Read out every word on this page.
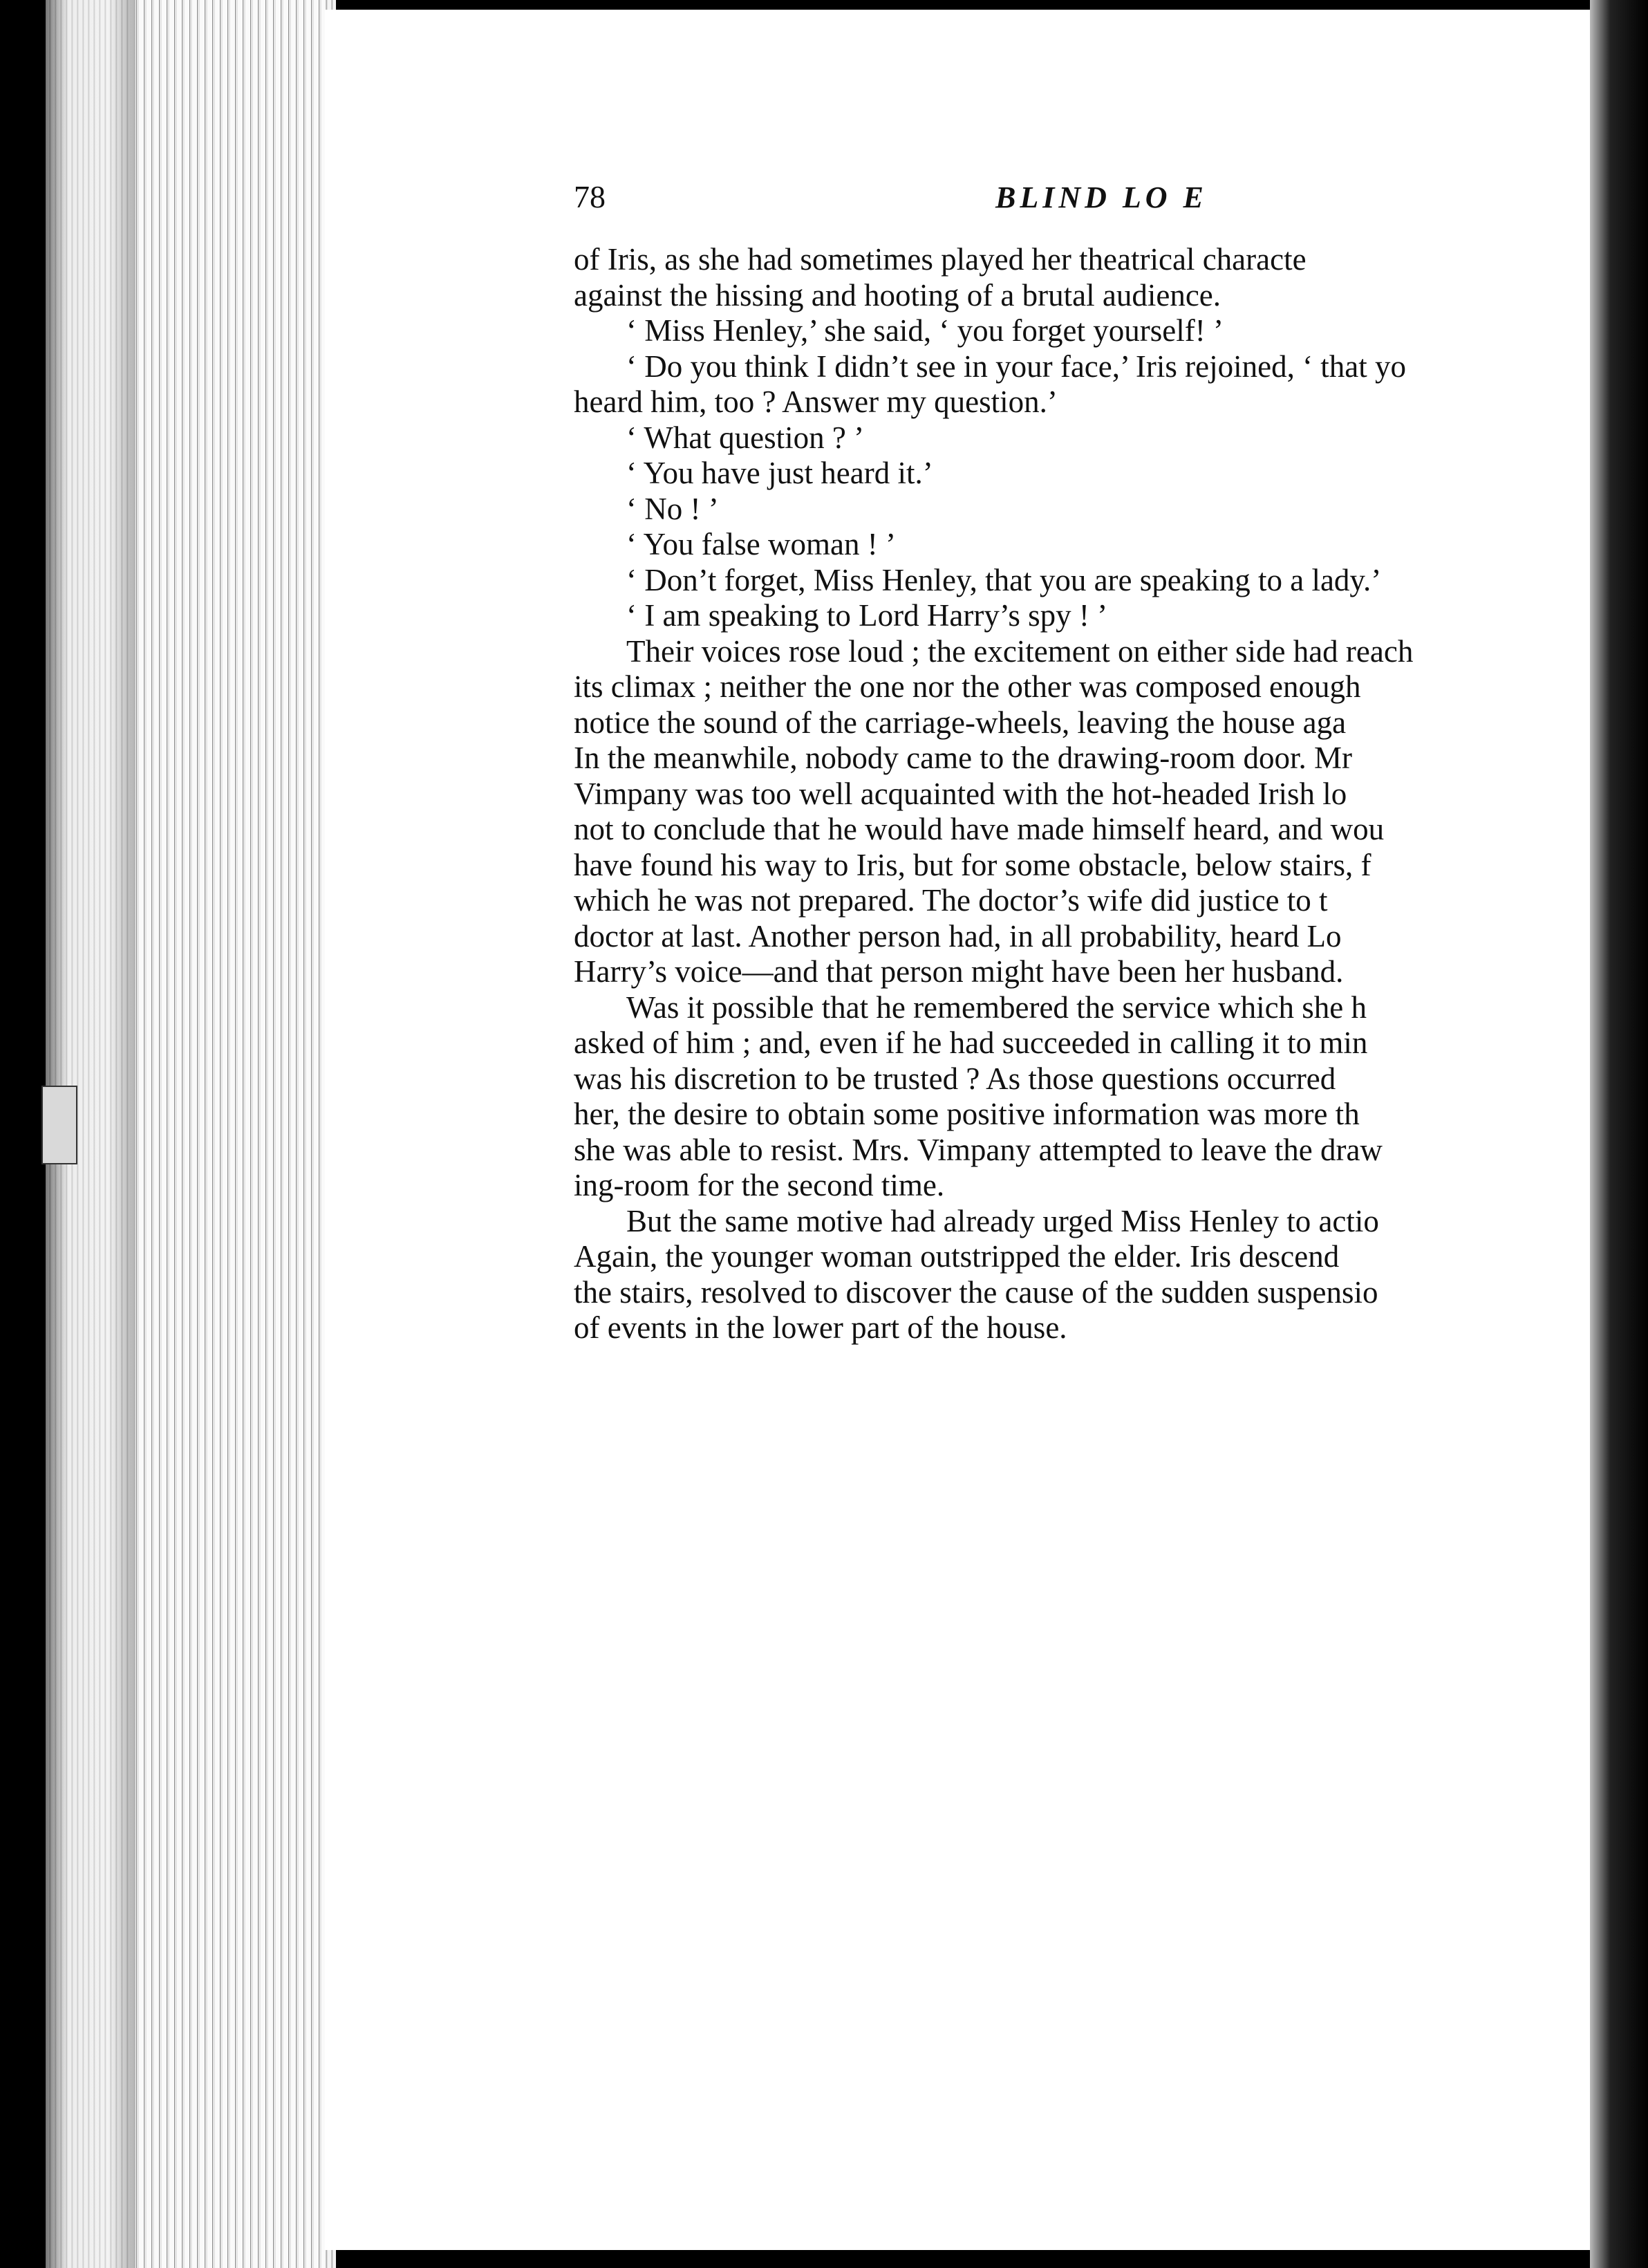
78	BLIND LO E
of Iris, as she had sometimes played her theatrical characte
against the hissing and hooting of a brutal audience.
‘ Miss Henley,’ she said, ‘ you forget yourself! ’
‘ Do you think I didn’t see in your face,’ Iris rejoined, ‘ that yo
heard him, too ? Answer my question.’
‘ What question ? ’
‘ You have just heard it.’
‘ No ! ’
‘ You false woman ! ’
‘ Don’t forget, Miss Henley, that you are speaking to a lady.’
‘ I am speaking to Lord Harry’s spy ! ’
Their voices rose loud ; the excitement on either side had reach
its climax ; neither the one nor the other was composed enough
notice the sound of the carriage-wheels, leaving the house aga
In the meanwhile, nobody came to the drawing-room door. Mr
Vimpany was too well acquainted with the hot-headed Irish lo
not to conclude that he would have made himself heard, and wou
have found his way to Iris, but for some obstacle, below stairs, f
which he was not prepared. The doctor’s wife did justice to t
doctor at last. Another person had, in all probability, heard Lo
Harry’s voice—and that person might have been her husband.
Was it possible that he remembered the service which she h
asked of him ; and, even if he had succeeded in calling it to min
was his discretion to be trusted ? As those questions occurred
her, the desire to obtain some positive information was more th
she was able to resist. Mrs. Vimpany attempted to leave the draw
ing-room for the second time.
But the same motive had already urged Miss Henley to actio
Again, the younger woman outstripped the elder. Iris descend
the stairs, resolved to discover the cause of the sudden suspensio
of events in the lower part of the house.
